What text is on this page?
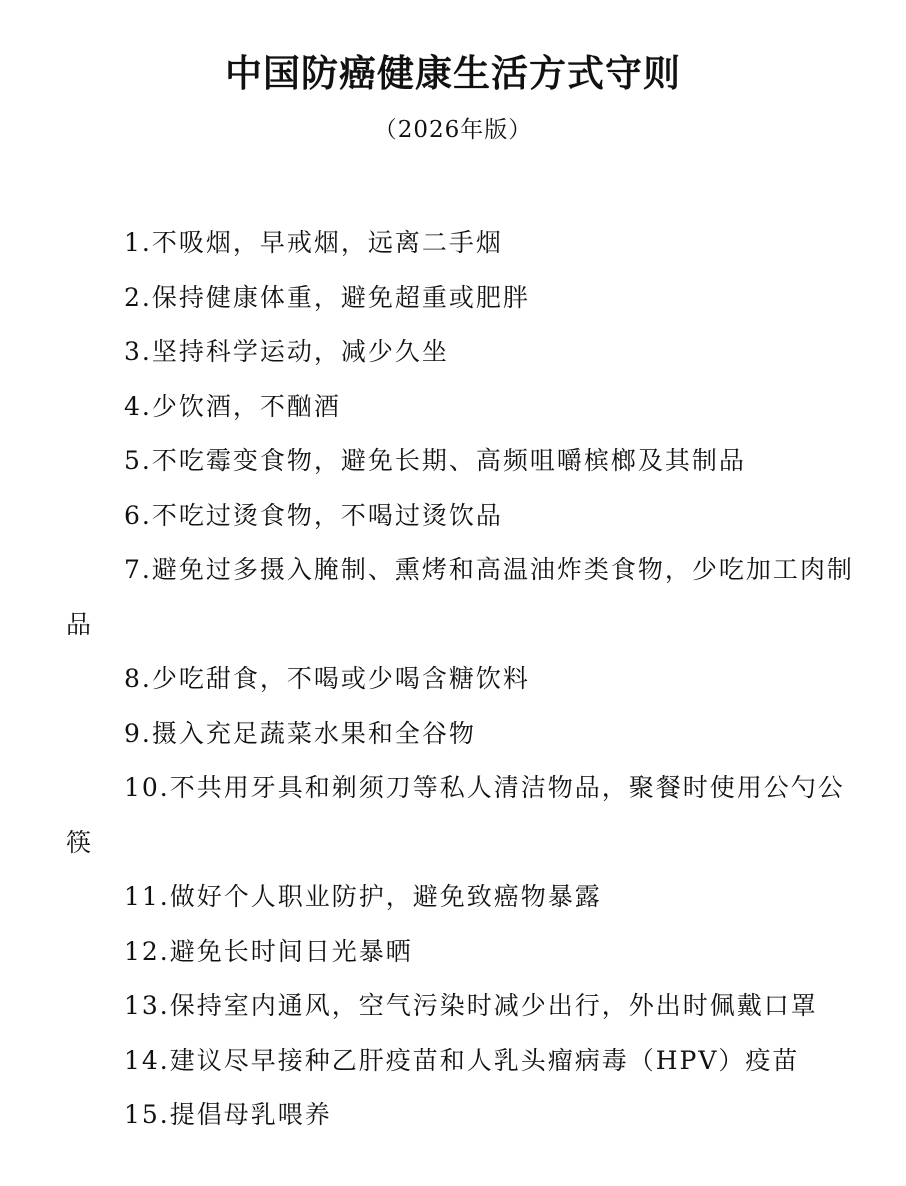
中国防癌健康生活方式守则
（2026年版）
1.不吸烟，早戒烟，远离二手烟
2.保持健康体重，避免超重或肥胖
3.坚持科学运动，减少久坐
4.少饮酒，不酗酒
5.不吃霉变食物，避免长期、高频咀嚼槟榔及其制品
6.不吃过烫食物，不喝过烫饮品
7.避免过多摄入腌制、熏烤和高温油炸类食物，少吃加工肉制品
8.少吃甜食，不喝或少喝含糖饮料
9.摄入充足蔬菜水果和全谷物
10.不共用牙具和剃须刀等私人清洁物品，聚餐时使用公勺公筷
11.做好个人职业防护，避免致癌物暴露
12.避免长时间日光暴晒
13.保持室内通风，空气污染时减少出行，外出时佩戴口罩
14.建议尽早接种乙肝疫苗和人乳头瘤病毒（HPV）疫苗
15.提倡母乳喂养
